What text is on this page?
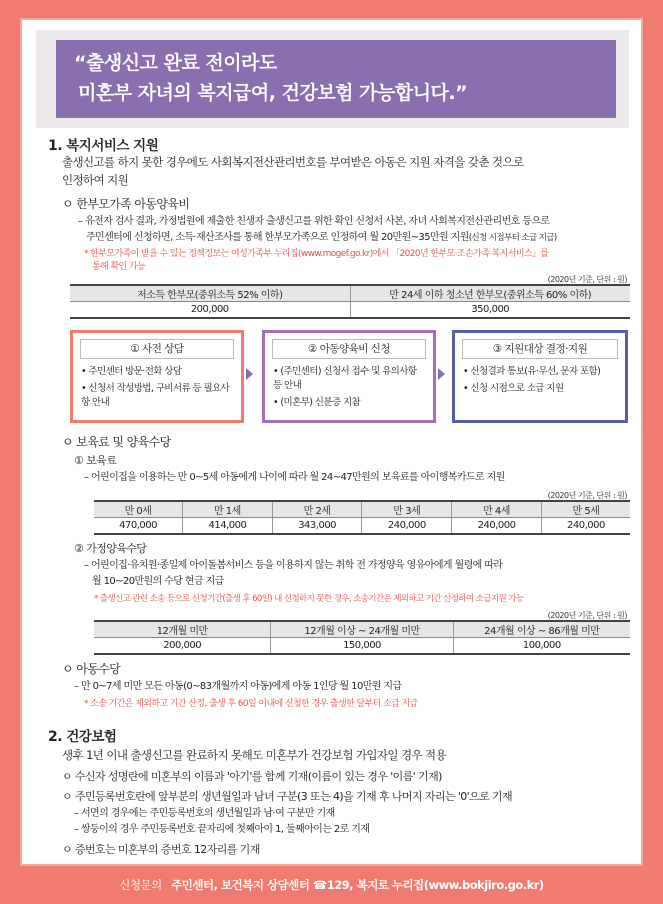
“출생신고 완료 전이라도
미혼부 자녀의 복지급여, 건강보험 가능합니다.”
1. 복지서비스 지원
출생신고를 하지 못한 경우에도 사회복지전산관리번호를 부여받은 아동은 지원 자격을 갖춘 것으로
인정하여 지원
ㅇ 한부모가족 아동양육비
– 유전자 검사 결과, 가정법원에 제출한 친생자 출생신고를 위한 확인 신청서 사본, 자녀 사회복지전산관리번호 등으로
주민센터에 신청하면, 소득·재산조사를 통해 한부모가족으로 인정하여 월 20만원~35만원 지원(신청 시점부터 소급 지급)
* 한부모가족이 받을 수 있는 정책정보는 여성가족부 누리집(www.mogef.go.kr)에서 「2020년 한부모·조손가족 복지서비스」를
통해 확인 가능
(2020년 기준, 단위 : 원)
저소득 한부모(중위소득 52% 이하)	만 24세 이하 청소년 한부모(중위소득 60% 이하)
200,000	350,000
① 사전 상담
• 주민센터 방문·전화 상담
• 신청서 작성방법, 구비서류 등 필요사항 안내
② 아동양육비 신청
• (주민센터) 신청서 접수 및 유의사항 등 안내
• (미혼부) 신분증 지참
③ 지원대상 결정·지원
• 신청결과 통보(유·무선, 문자 포함)
• 신청 시점으로 소급 지원
ㅇ 보육료 및 양육수당
① 보육료
– 어린이집을 이용하는 만 0~5세 아동에게 나이에 따라 월 24~47만원의 보육료를 아이행복카드로 지원
(2020년 기준, 단위 : 원)
만 0세	만 1세	만 2세	만 3세	만 4세	만 5세
470,000	414,000	343,000	240,000	240,000	240,000
② 가정양육수당
– 어린이집·유치원·종일제 아이돌봄서비스 등을 이용하지 않는 취학 전 가정양육 영유아에게 월령에 따라
월 10~20만원의 수당 현금 지급
* 출생신고 관련 소송 등으로 신청기간(출생 후 60일) 내 신청하지 못한 경우, 소송기간은 제외하고 기간 산정하여 소급지원 가능
(2020년 기준, 단위 : 원)
12개월 미만	12개월 이상 ~ 24개월 미만	24개월 이상 ~ 86개월 미만
200,000	150,000	100,000
ㅇ 아동수당
– 만 0~7세 미만 모든 아동(0~83개월까지 아동)에게 아동 1인당 월 10만원 지급
* 소송 기간은 제외하고 기간 산정, 출생 후 60일 이내에 신청한 경우 출생한 달부터 소급 지급
2. 건강보험
생후 1년 이내 출생신고를 완료하지 못해도 미혼부가 건강보험 가입자일 경우 적용
ㅇ 수신자 성명란에 미혼부의 이름과 '아기'를 함께 기재(이름이 있는 경우 '이름' 기재)
ㅇ 주민등록번호란에 앞부분의 생년월일과 남녀 구분(3 또는 4)을 기재 후 나머지 자리는 '0'으로 기재
– 서면의 경우에는 주민등록번호의 생년월일과 남·여 구분만 기재
– 쌍둥이의 경우 주민등록번호 끝자리에 첫째아이 1, 둘째아이는 2로 기재
ㅇ 증번호는 미혼부의 증번호 12자리를 기재
신청문의 주민센터, 보건복지 상담센터 ☎129, 복지로 누리집(www.bokjiro.go.kr)
